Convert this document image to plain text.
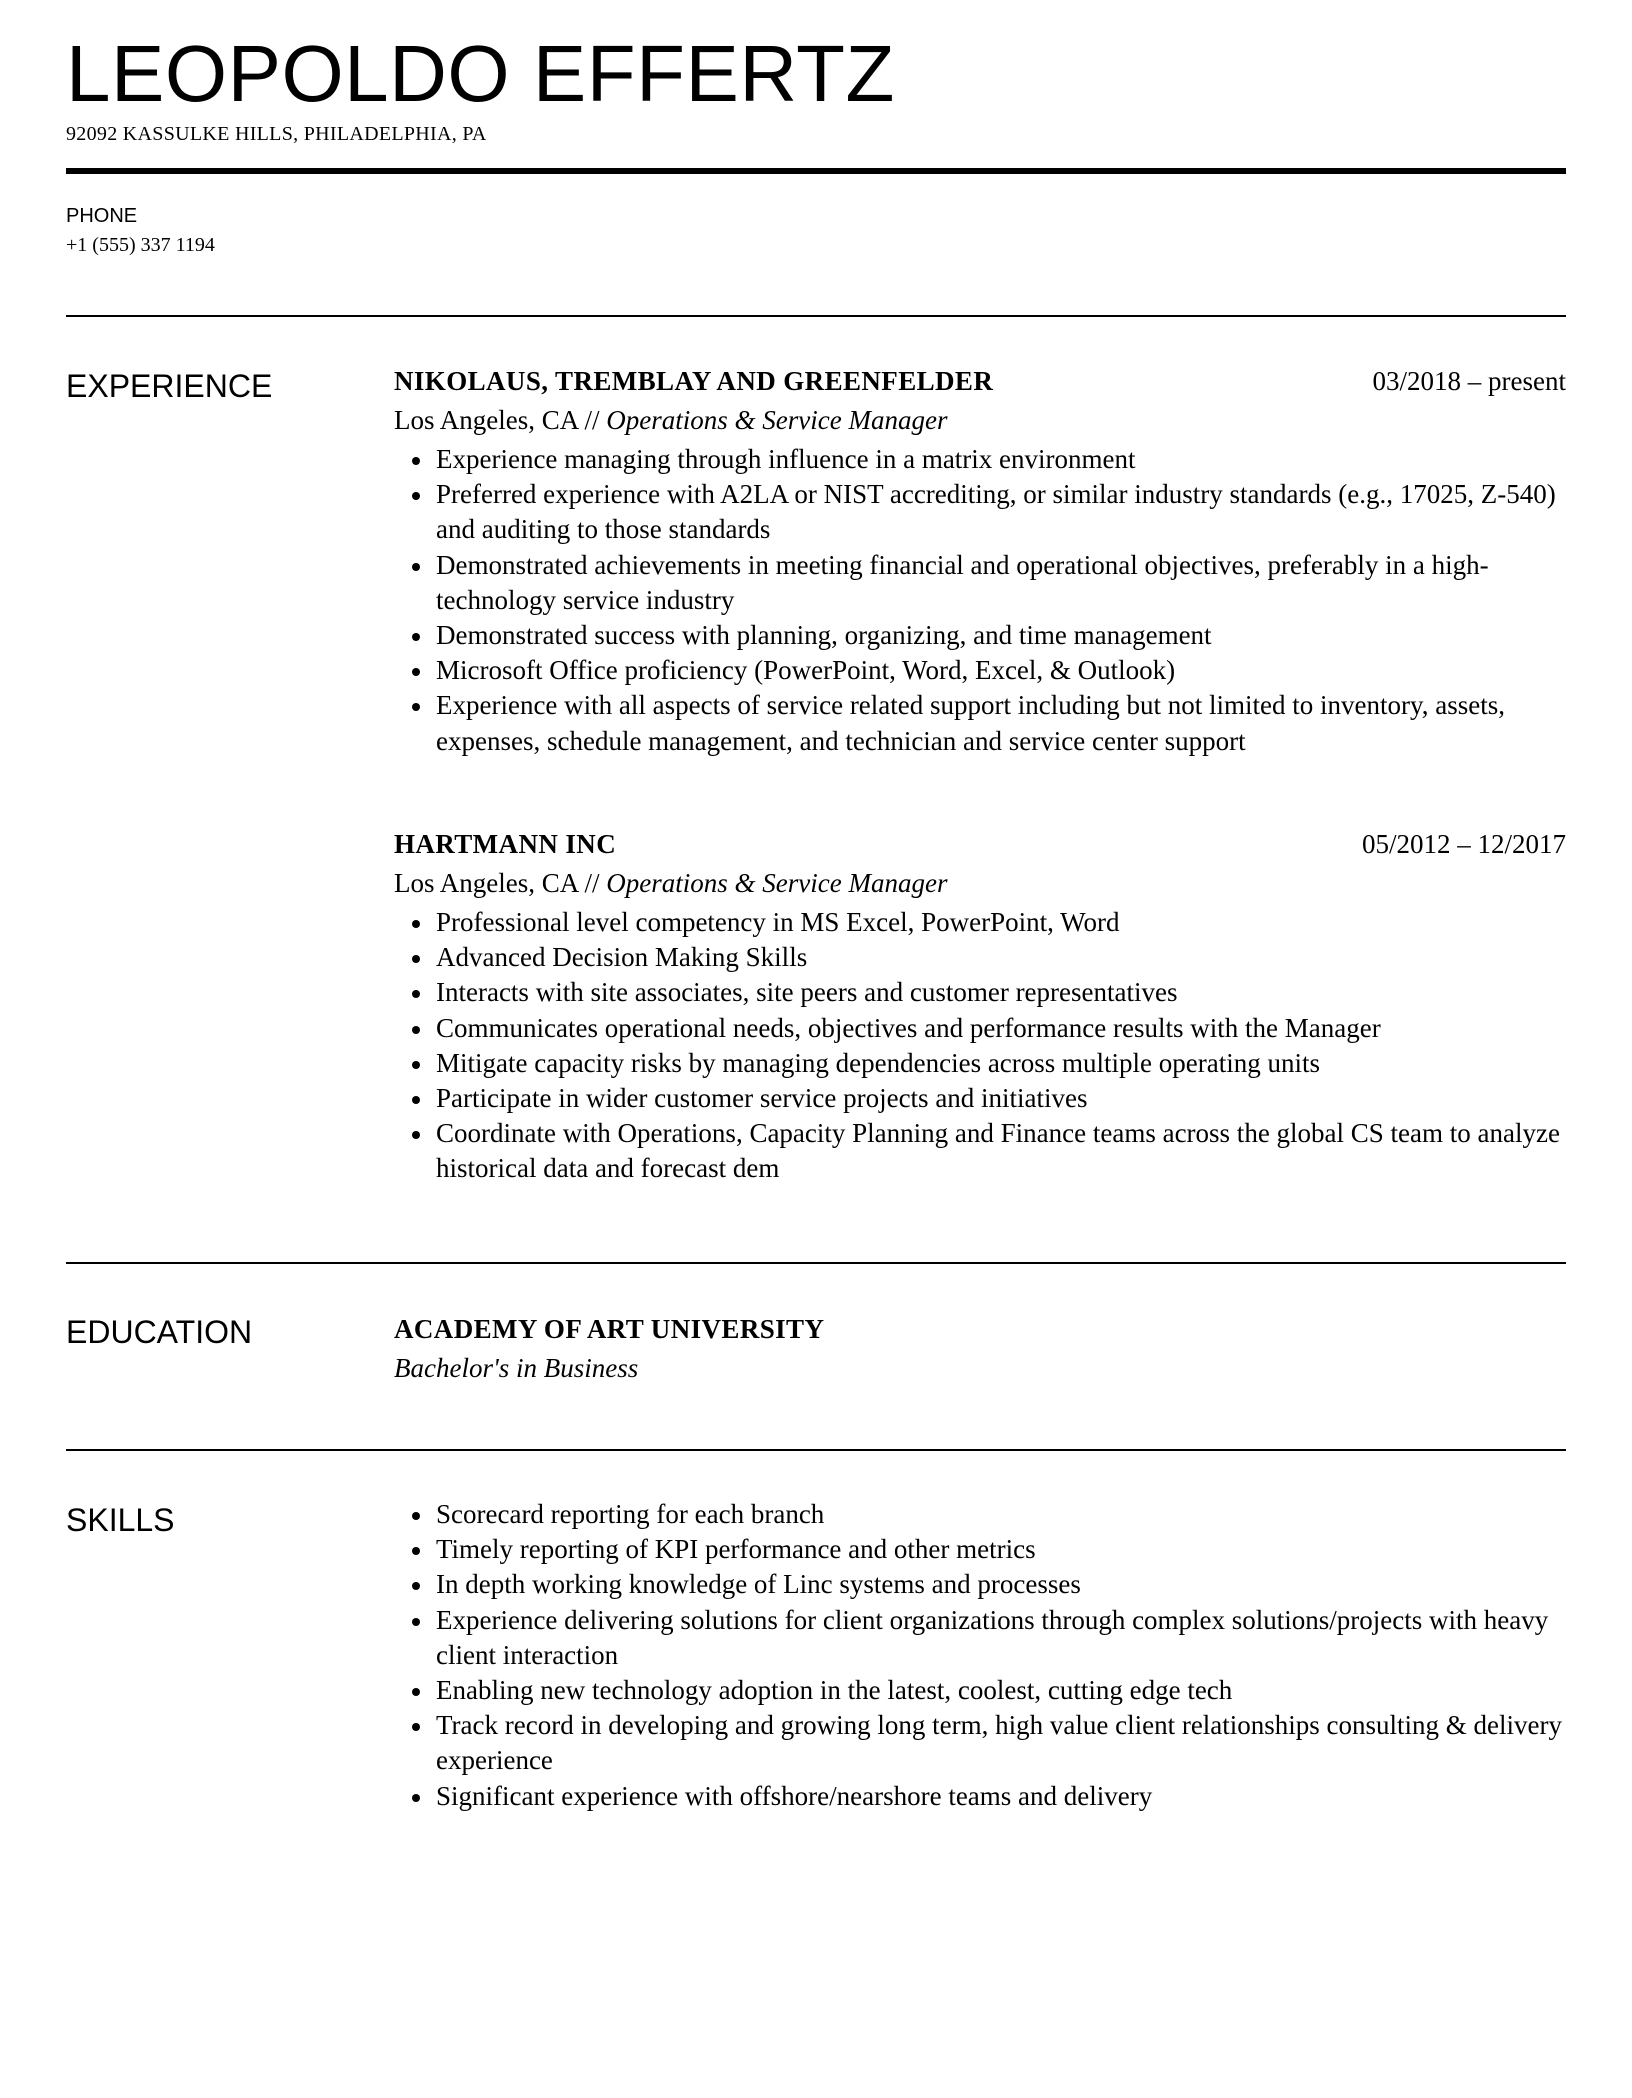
LEOPOLDO EFFERTZ
92092 KASSULKE HILLS, PHILADELPHIA, PA
PHONE
+1 (555) 337 1194
EXPERIENCE	NIKOLAUS, TREMBLAY AND GREENFELDER	03/2018 – present
Los Angeles, CA // Operations & Service Manager
Experience managing through influence in a matrix environment
Preferred experience with A2LA or NIST accrediting, or similar industry standards (e.g., 17025, Z-540) and auditing to those standards
Demonstrated achievements in meeting financial and operational objectives, preferably in a high-technology service industry
Demonstrated success with planning, organizing, and time management
Microsoft Office proficiency (PowerPoint, Word, Excel, & Outlook)
Experience with all aspects of service related support including but not limited to inventory, assets, expenses, schedule management, and technician and service center support
HARTMANN INC	05/2012 – 12/2017
Los Angeles, CA // Operations & Service Manager
Professional level competency in MS Excel, PowerPoint, Word
Advanced Decision Making Skills
Interacts with site associates, site peers and customer representatives
Communicates operational needs, objectives and performance results with the Manager
Mitigate capacity risks by managing dependencies across multiple operating units
Participate in wider customer service projects and initiatives
Coordinate with Operations, Capacity Planning and Finance teams across the global CS team to analyze historical data and forecast dem
EDUCATION	ACADEMY OF ART UNIVERSITY
Bachelor's in Business
SKILLS	Scorecard reporting for each branch
Timely reporting of KPI performance and other metrics
In depth working knowledge of Linc systems and processes
Experience delivering solutions for client organizations through complex solutions/projects with heavy client interaction
Enabling new technology adoption in the latest, coolest, cutting edge tech
Track record in developing and growing long term, high value client relationships consulting & delivery experience
Significant experience with offshore/nearshore teams and delivery
